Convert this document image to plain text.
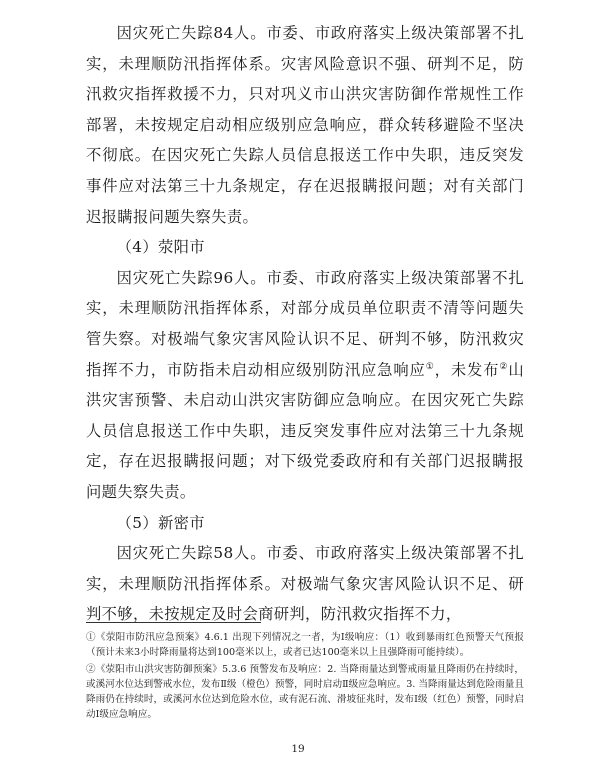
因灾死亡失踪84人。市委、市政府落实上级决策部署不扎实，未理顺防汛指挥体系。灾害风险意识不强、研判不足，防汛救灾指挥救援不力，只对巩义市山洪灾害防御作常规性工作部署，未按规定启动相应级别应急响应，群众转移避险不坚决不彻底。在因灾死亡失踪人员信息报送工作中失职，违反突发事件应对法第三十九条规定，存在迟报瞒报问题；对有关部门迟报瞒报问题失察失责。

（4）荥阳市

因灾死亡失踪96人。市委、市政府落实上级决策部署不扎实，未理顺防汛指挥体系，对部分成员单位职责不清等问题失管失察。对极端气象灾害风险认识不足、研判不够，防汛救灾指挥不力，市防指未启动相应级别防汛应急响应①，未发布②山洪灾害预警、未启动山洪灾害防御应急响应。在因灾死亡失踪人员信息报送工作中失职，违反突发事件应对法第三十九条规定，存在迟报瞒报问题；对下级党委政府和有关部门迟报瞒报问题失察失责。

（5）新密市

因灾死亡失踪58人。市委、市政府落实上级决策部署不扎实，未理顺防汛指挥体系。对极端气象灾害风险认识不足、研判不够，未按规定及时会商研判，防汛救灾指挥不力，

①《荥阳市防汛应急预案》4.6.1 出现下列情况之一者，为Ⅰ级响应：（1）收到暴雨红色预警天气预报（预计未来3小时降雨量将达到100毫米以上，或者已达100毫米以上且强降雨可能持续）。

②《荥阳市山洪灾害防御预案》5.3.6 预警发布及响应：2. 当降雨量达到警戒雨量且降雨仍在持续时，或溪河水位达到警戒水位，发布Ⅱ级（橙色）预警，同时启动Ⅱ级应急响应。3. 当降雨量达到危险雨量且降雨仍在持续时，或溪河水位达到危险水位，或有泥石流、滑坡征兆时，发布Ⅰ级（红色）预警，同时启动Ⅰ级应急响应。

19
